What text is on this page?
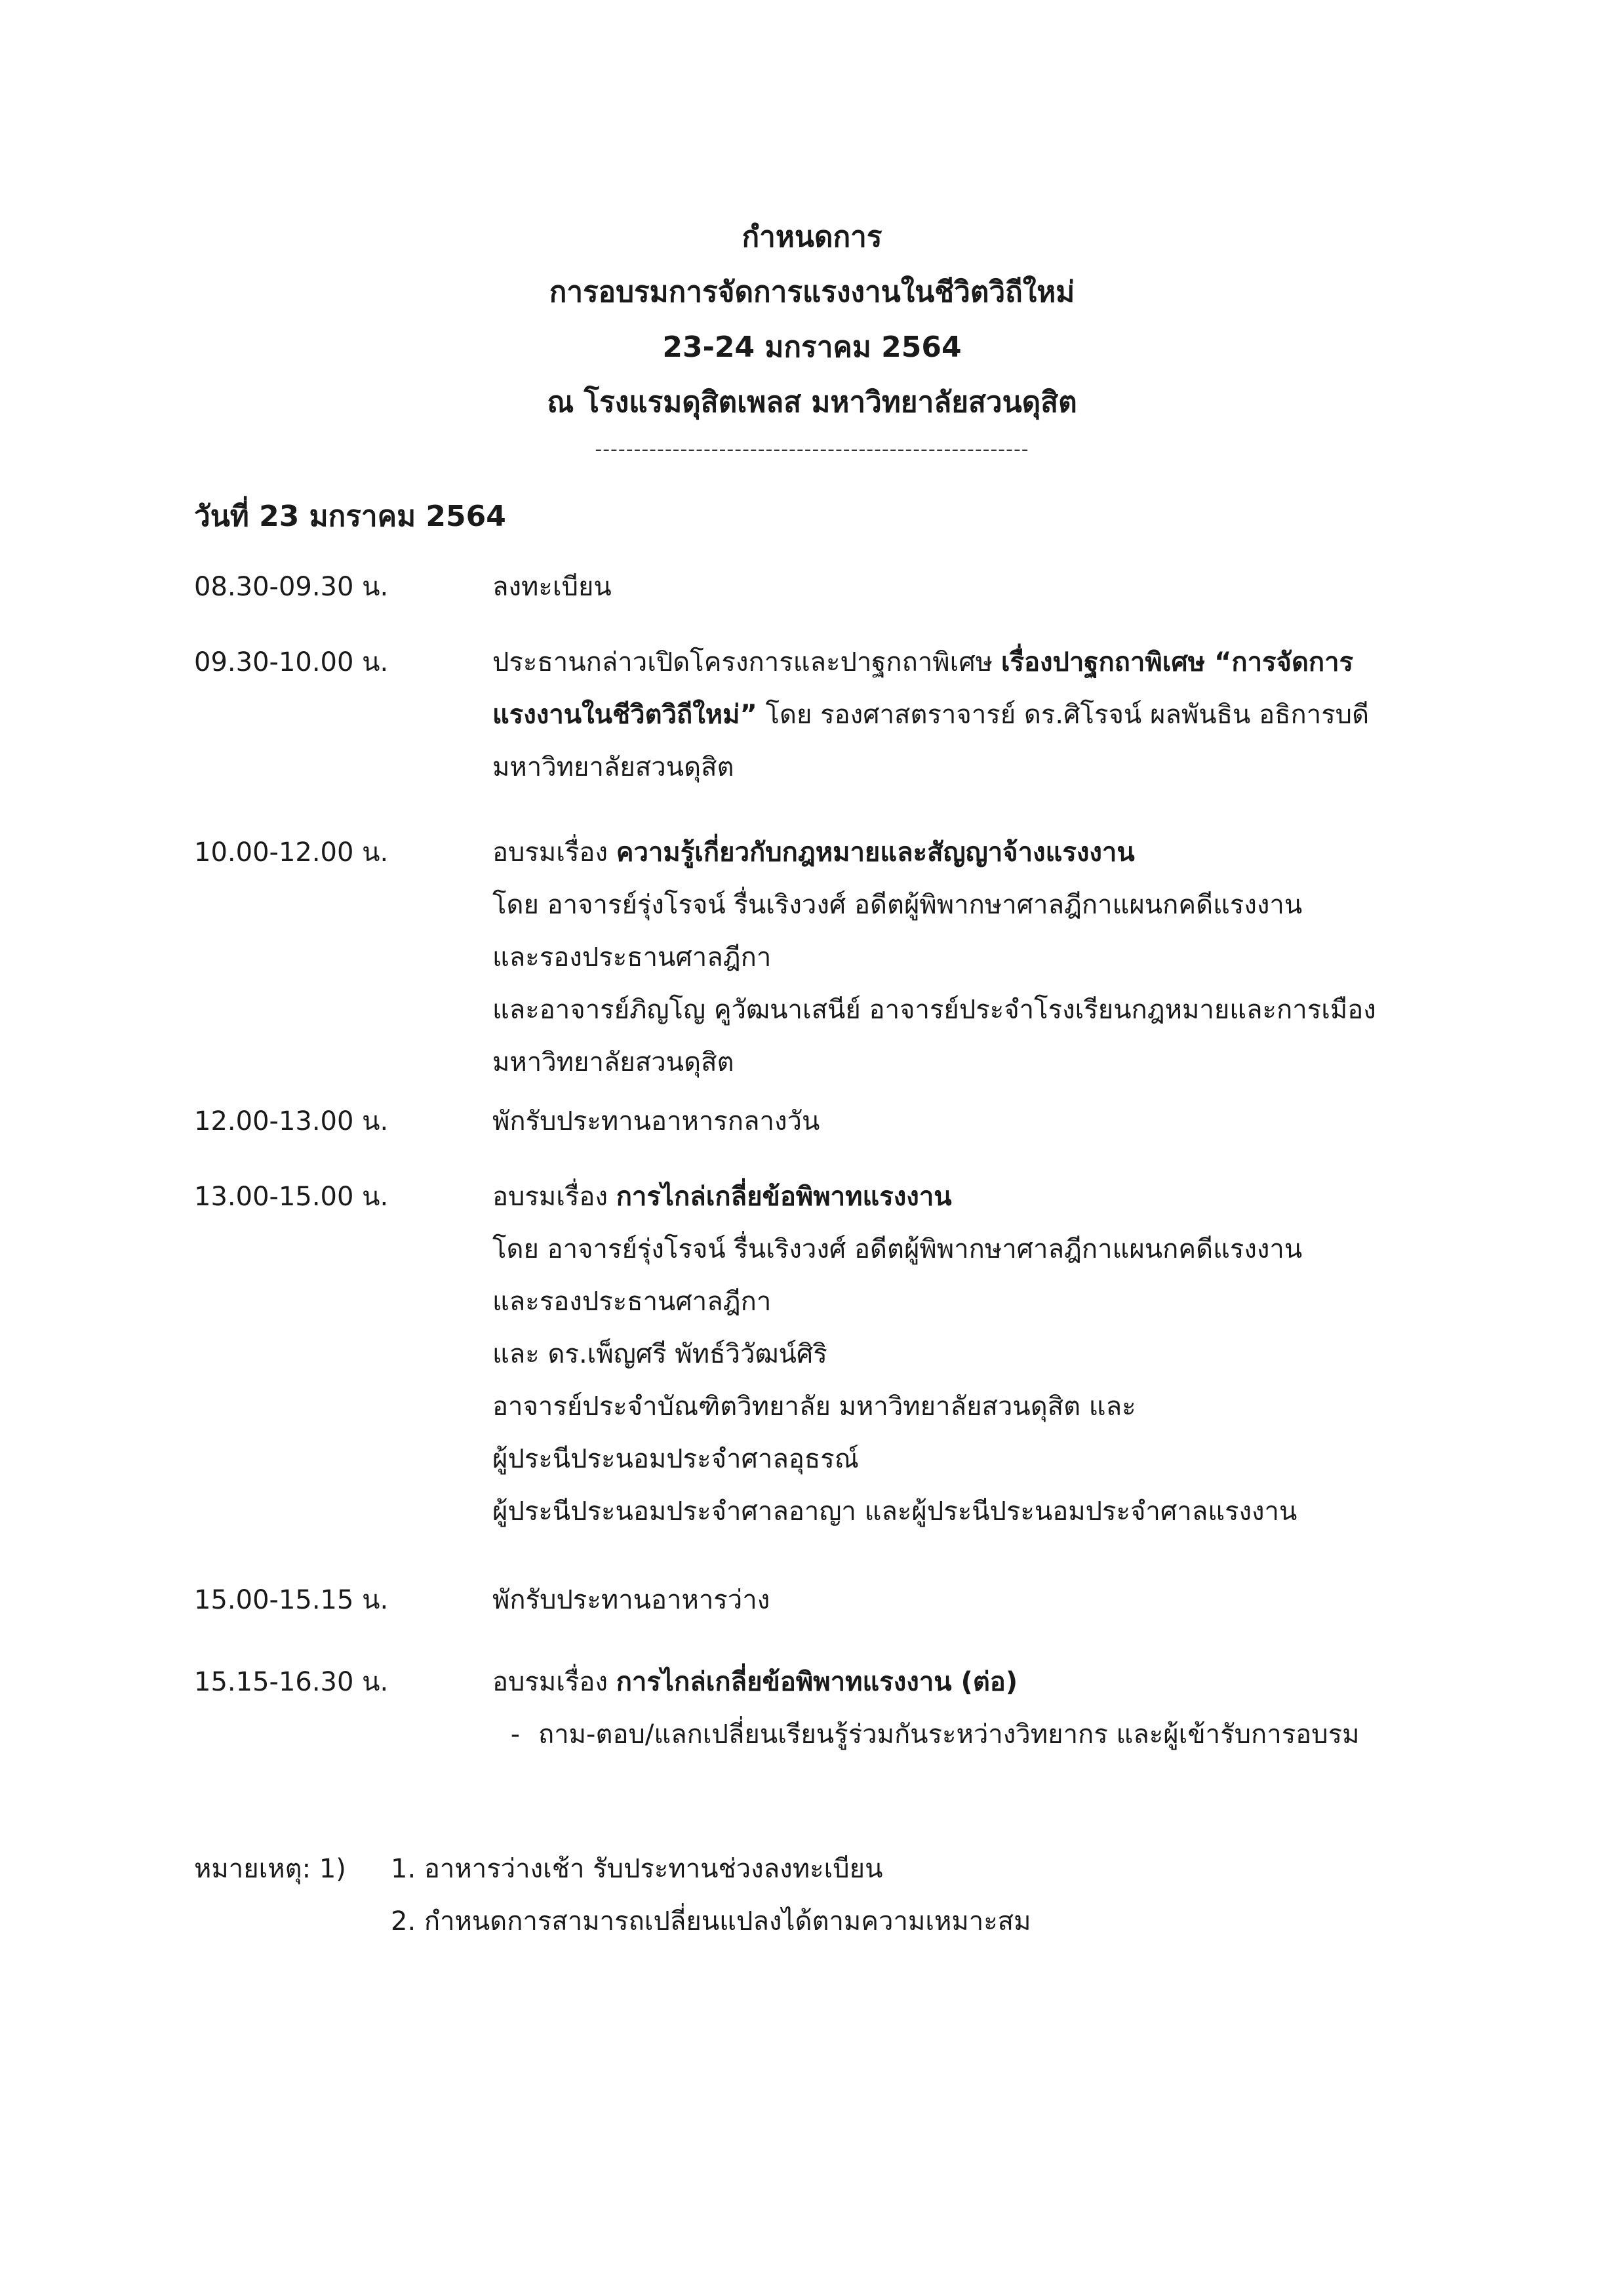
กำหนดการ
การอบรมการจัดการแรงงานในชีวิตวิถีใหม่
23-24 มกราคม 2564
ณ โรงแรมดุสิตเพลส มหาวิทยาลัยสวนดุสิต
--------------------------------------------------------
วันที่ 23 มกราคม 2564
08.30-09.30 น.	ลงทะเบียน
09.30-10.00 น.	ประธานกล่าวเปิดโครงการและปาฐกถาพิเศษ เรื่องปาฐกถาพิเศษ “การจัดการ
แรงงานในชีวิตวิถีใหม่” โดย รองศาสตราจารย์ ดร.ศิโรจน์ ผลพันธิน อธิการบดี
มหาวิทยาลัยสวนดุสิต
10.00-12.00 น.	อบรมเรื่อง ความรู้เกี่ยวกับกฎหมายและสัญญาจ้างแรงงาน
โดย อาจารย์รุ่งโรจน์ รื่นเริงวงศ์ อดีตผู้พิพากษาศาลฎีกาแผนกคดีแรงงาน
และรองประธานศาลฎีกา
และอาจารย์ภิญโญ คูวัฒนาเสนีย์ อาจารย์ประจำโรงเรียนกฎหมายและการเมือง
มหาวิทยาลัยสวนดุสิต
12.00-13.00 น.	พักรับประทานอาหารกลางวัน
13.00-15.00 น.	อบรมเรื่อง การไกล่เกลี่ยข้อพิพาทแรงงาน
โดย อาจารย์รุ่งโรจน์ รื่นเริงวงศ์ อดีตผู้พิพากษาศาลฎีกาแผนกคดีแรงงาน
และรองประธานศาลฎีกา
และ ดร.เพ็ญศรี พัทธ์วิวัฒน์ศิริ
อาจารย์ประจำบัณฑิตวิทยาลัย มหาวิทยาลัยสวนดุสิต และ
ผู้ประนีประนอมประจำศาลอุธรณ์
ผู้ประนีประนอมประจำศาลอาญา และผู้ประนีประนอมประจำศาลแรงงาน
15.00-15.15 น.	พักรับประทานอาหารว่าง
15.15-16.30 น.	อบรมเรื่อง การไกล่เกลี่ยข้อพิพาทแรงงาน (ต่อ)
- ถาม-ตอบ/แลกเปลี่ยนเรียนรู้ร่วมกันระหว่างวิทยากร และผู้เข้ารับการอบรม
หมายเหตุ: 1) 1. อาหารว่างเช้า รับประทานช่วงลงทะเบียน
2. กำหนดการสามารถเปลี่ยนแปลงได้ตามความเหมาะสม
